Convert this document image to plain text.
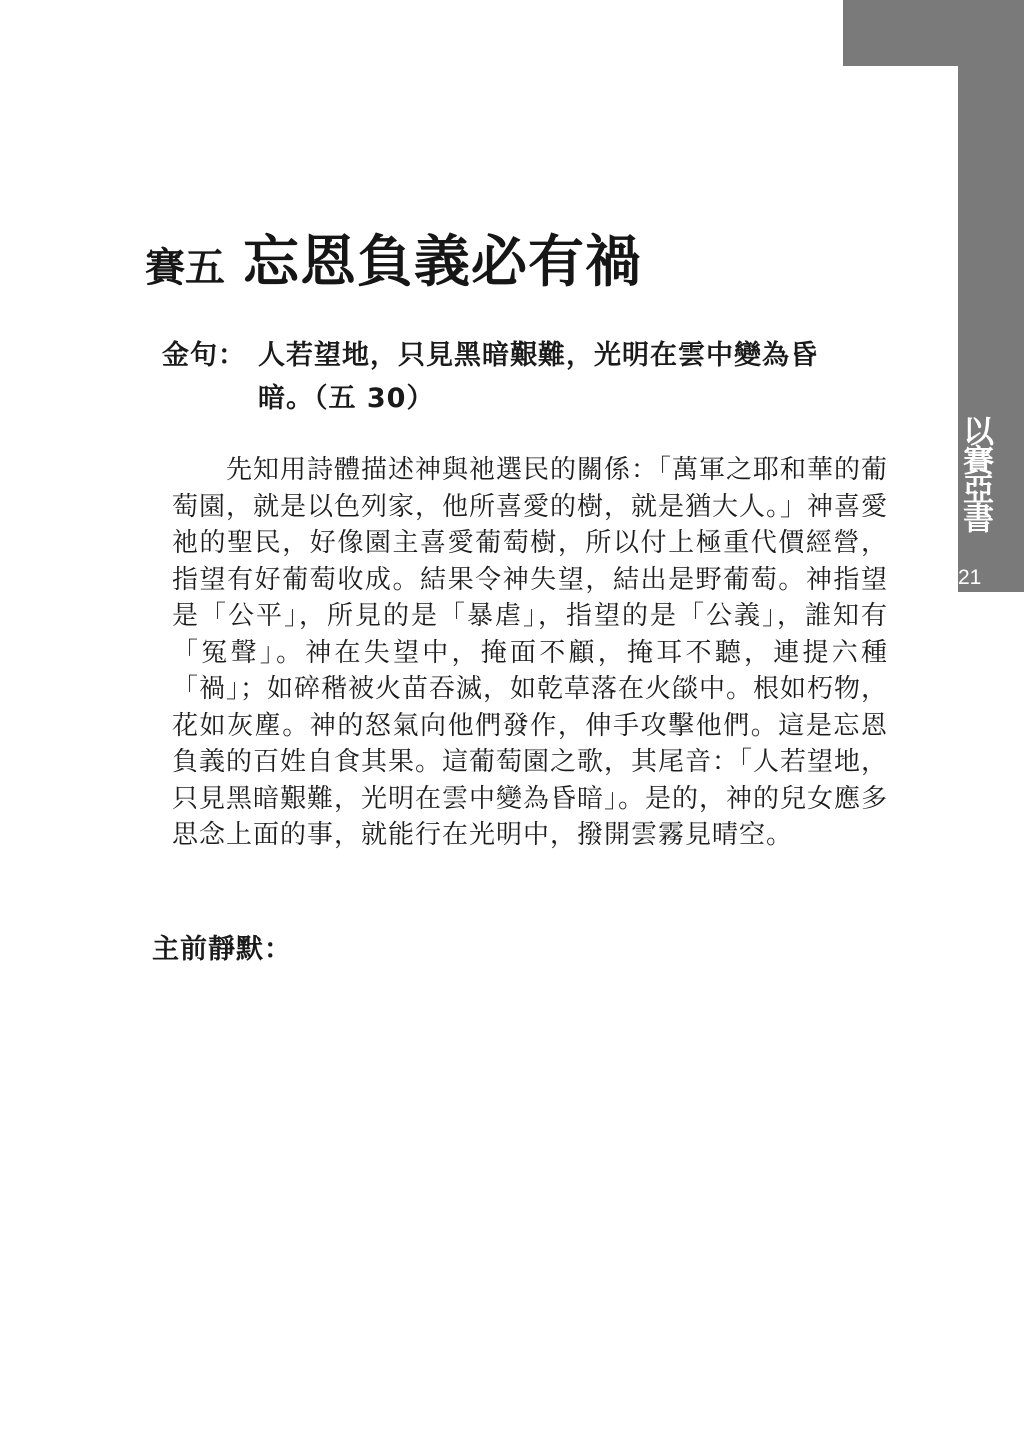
以賽亞書
21
賽五 忘恩負義必有禍
金句： 人若望地，只見黑暗艱難，光明在雲中變為昏暗。（五 30）

先知用詩體描述神與祂選民的關係：「萬軍之耶和華的葡萄園，就是以色列家，他所喜愛的樹，就是猶大人。」神喜愛祂的聖民，好像園主喜愛葡萄樹，所以付上極重代價經營，指望有好葡萄收成。結果令神失望，結出是野葡萄。神指望是「公平」，所見的是「暴虐」，指望的是「公義」，誰知有「冤聲」。神在失望中，掩面不顧，掩耳不聽，連提六種「禍」；如碎稭被火苗吞滅，如乾草落在火燄中。根如朽物，花如灰塵。神的怒氣向他們發作，伸手攻擊他們。這是忘恩負義的百姓自食其果。這葡萄園之歌，其尾音：「人若望地，只見黑暗艱難，光明在雲中變為昏暗」。是的，神的兒女應多思念上面的事，就能行在光明中，撥開雲霧見晴空。

主前靜默：
